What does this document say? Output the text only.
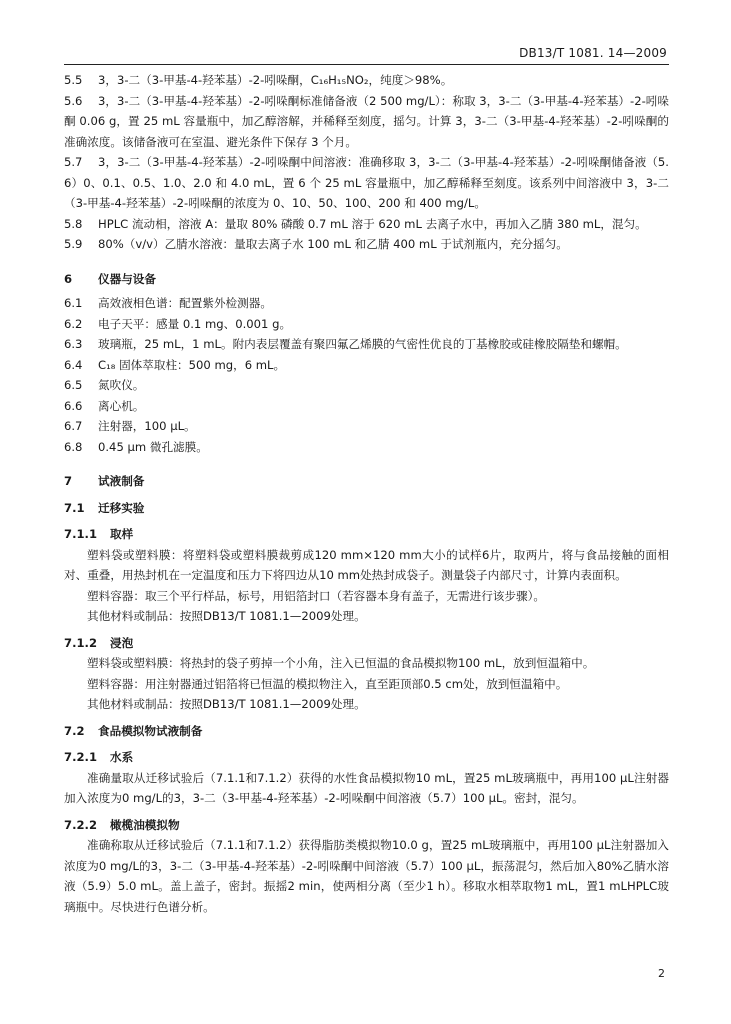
DB13/T 1081. 14—2009

5.5 3，3-二（3-甲基-4-羟苯基）-2-吲哚酮，C₁₆H₁₅NO₂，纯度＞98%。

5.6 3，3-二（3-甲基-4-羟苯基）-2-吲哚酮标准储备液（2 500 mg/L）：称取 3，3-二（3-甲基-4-羟苯基）-2-吲哚酮 0.06 g，置 25 mL 容量瓶中，加乙醇溶解，并稀释至刻度，摇匀。计算 3，3-二（3-甲基-4-羟苯基）-2-吲哚酮的准确浓度。该储备液可在室温、避光条件下保存 3 个月。

5.7 3，3-二（3-甲基-4-羟苯基）-2-吲哚酮中间溶液：准确移取 3，3-二（3-甲基-4-羟苯基）-2-吲哚酮储备液（5.6）0、0.1、0.5、1.0、2.0 和 4.0 mL，置 6 个 25 mL 容量瓶中，加乙醇稀释至刻度。该系列中间溶液中 3，3-二（3-甲基-4-羟苯基）-2-吲哚酮的浓度为 0、10、50、100、200 和 400 mg/L。

5.8 HPLC 流动相，溶液 A：量取 80% 磷酸 0.7 mL 溶于 620 mL 去离子水中，再加入乙腈 380 mL，混匀。

5.9 80%（v/v）乙腈水溶液：量取去离子水 100 mL 和乙腈 400 mL 于试剂瓶内，充分摇匀。

6 仪器与设备

6.1 高效液相色谱：配置紫外检测器。

6.2 电子天平：感量 0.1 mg、0.001 g。

6.3 玻璃瓶，25 mL，1 mL。附内表层覆盖有聚四氟乙烯膜的气密性优良的丁基橡胶或硅橡胶隔垫和螺帽。

6.4 C₁₈ 固体萃取柱：500 mg，6 mL。

6.5 氮吹仪。

6.6 离心机。

6.7 注射器，100 μL。

6.8 0.45 μm 微孔滤膜。

7 试液制备

7.1 迁移实验

7.1.1 取样

塑料袋或塑料膜：将塑料袋或塑料膜裁剪成120 mm×120 mm大小的试样6片，取两片，将与食品接触的面相对、重叠，用热封机在一定温度和压力下将四边从10 mm处热封成袋子。测量袋子内部尺寸，计算内表面积。

塑料容器：取三个平行样品，标号，用铝箔封口（若容器本身有盖子，无需进行该步骤）。

其他材料或制品：按照DB13/T 1081.1—2009处理。

7.1.2 浸泡

塑料袋或塑料膜：将热封的袋子剪掉一个小角，注入已恒温的食品模拟物100 mL，放到恒温箱中。

塑料容器：用注射器通过铝箔将已恒温的模拟物注入，直至距顶部0.5 cm处，放到恒温箱中。

其他材料或制品：按照DB13/T 1081.1—2009处理。

7.2 食品模拟物试液制备

7.2.1 水系

准确量取从迁移试验后（7.1.1和7.1.2）获得的水性食品模拟物10 mL，置25 mL玻璃瓶中，再用100 μL注射器加入浓度为0 mg/L的3，3-二（3-甲基-4-羟苯基）-2-吲哚酮中间溶液（5.7）100 μL。密封，混匀。

7.2.2 橄榄油模拟物

准确称取从迁移试验后（7.1.1和7.1.2）获得脂肪类模拟物10.0 g，置25 mL玻璃瓶中，再用100 μL注射器加入浓度为0 mg/L的3，3-二（3-甲基-4-羟苯基）-2-吲哚酮中间溶液（5.7）100 μL，振荡混匀，然后加入80%乙腈水溶液（5.9）5.0 mL。盖上盖子，密封。振摇2 min，使两相分离（至少1 h）。移取水相萃取物1 mL，置1 mLHPLC玻璃瓶中。尽快进行色谱分析。

2
